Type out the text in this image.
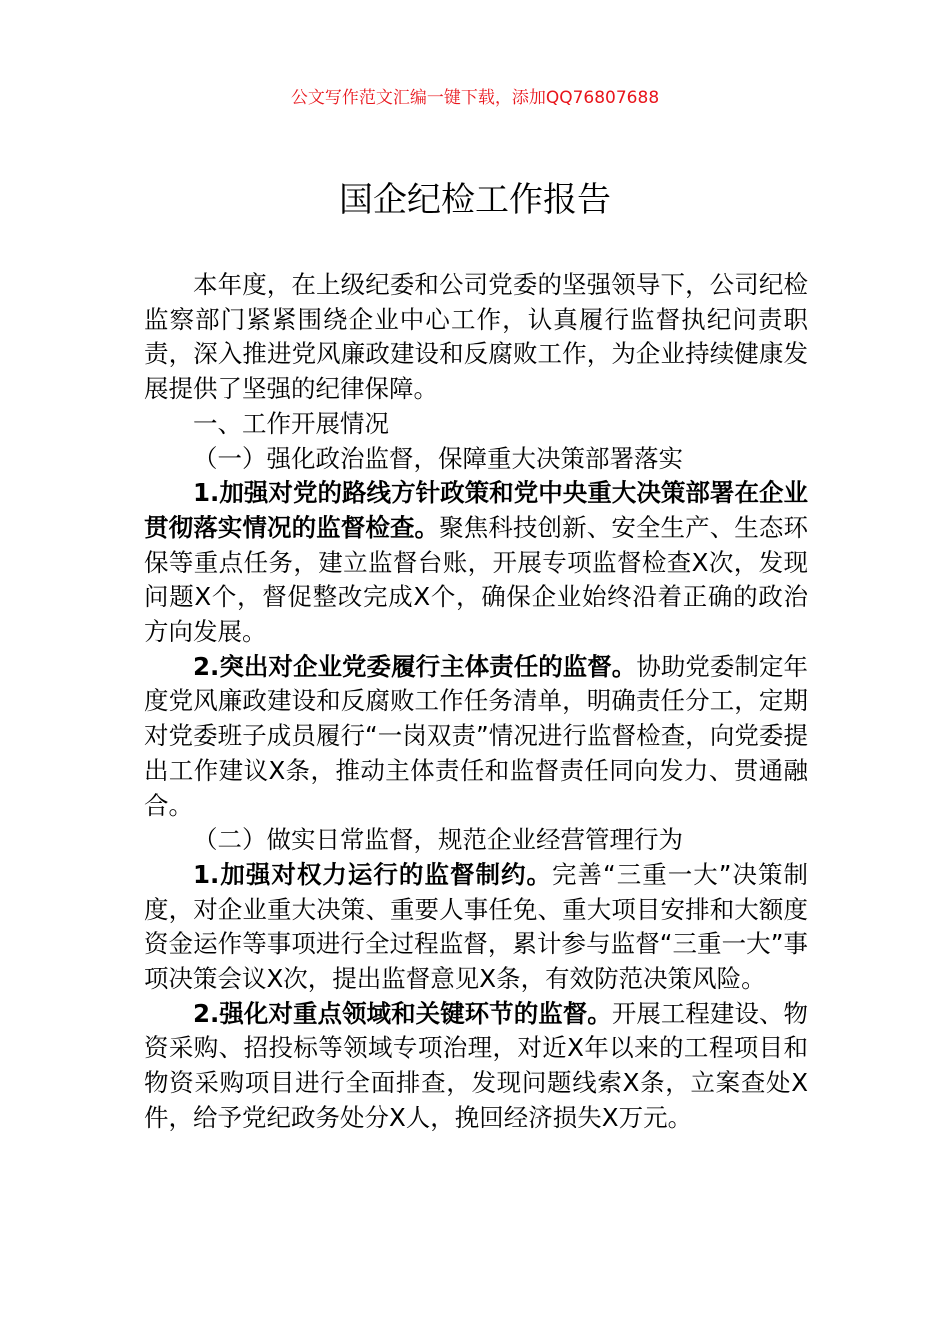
公文写作范文汇编一键下载，添加QQ76807688
国企纪检工作报告

本年度，在上级纪委和公司党委的坚强领导下，公司纪检监察部门紧紧围绕企业中心工作，认真履行监督执纪问责职责，深入推进党风廉政建设和反腐败工作，为企业持续健康发展提供了坚强的纪律保障。

一、工作开展情况

（一）强化政治监督，保障重大决策部署落实

1.加强对党的路线方针政策和党中央重大决策部署在企业贯彻落实情况的监督检查。聚焦科技创新、安全生产、生态环保等重点任务，建立监督台账，开展专项监督检查X次，发现问题X个，督促整改完成X个，确保企业始终沿着正确的政治方向发展。

2.突出对企业党委履行主体责任的监督。协助党委制定年度党风廉政建设和反腐败工作任务清单，明确责任分工，定期对党委班子成员履行“一岗双责”情况进行监督检查，向党委提出工作建议X条，推动主体责任和监督责任同向发力、贯通融合。

（二）做实日常监督，规范企业经营管理行为

1.加强对权力运行的监督制约。完善“三重一大”决策制度，对企业重大决策、重要人事任免、重大项目安排和大额度资金运作等事项进行全过程监督，累计参与监督“三重一大”事项决策会议X次，提出监督意见X条，有效防范决策风险。

2.强化对重点领域和关键环节的监督。开展工程建设、物资采购、招投标等领域专项治理，对近X年以来的工程项目和物资采购项目进行全面排查，发现问题线索X条，立案查处X件，给予党纪政务处分X人，挽回经济损失X万元。
